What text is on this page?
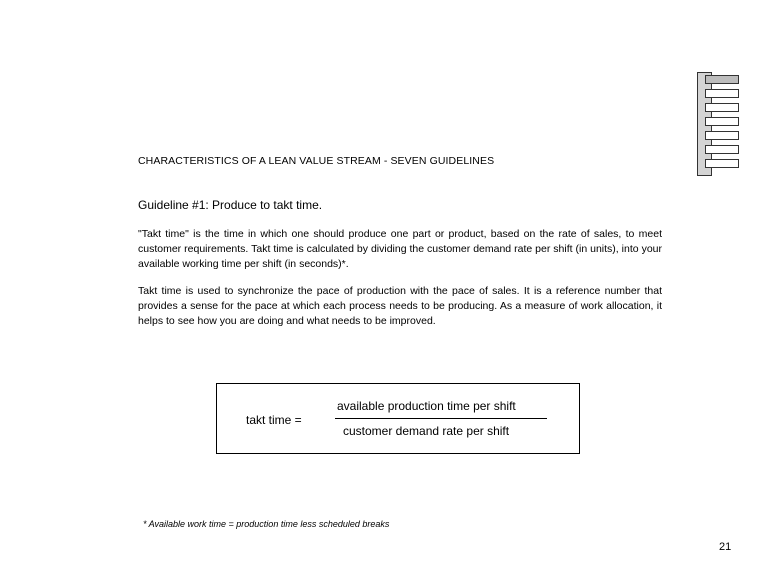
CHARACTERISTICS OF A LEAN VALUE STREAM - SEVEN GUIDELINES
Guideline #1: Produce to takt time.
"Takt time" is the time in which one should produce one part or product, based on the rate of sales, to meet customer requirements. Takt time is calculated by dividing the customer demand rate per shift (in units), into your available working time per shift (in seconds)*.
Takt time is used to synchronize the pace of production with the pace of sales. It is a reference number that provides a sense for the pace at which each process needs to be producing. As a measure of work allocation, it helps to see how you are doing and what needs to be improved.
takt time =
available production time per shift
customer demand rate per shift
* Available work time = production time less scheduled breaks
21
